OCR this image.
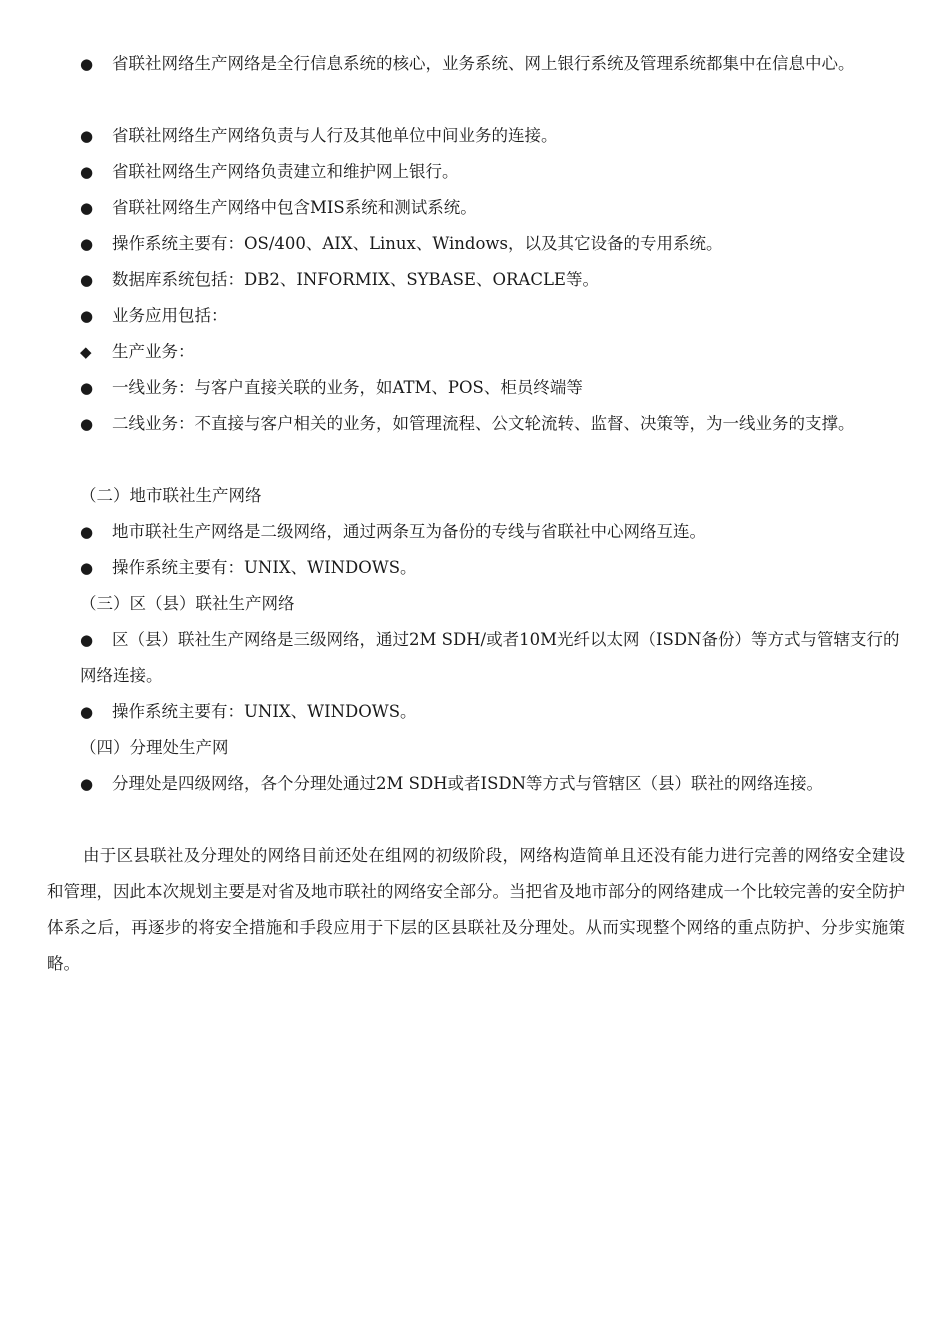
● 省联社网络生产网络是全行信息系统的核心，业务系统、网上银行系统及管理系统都集中在信息中心。
● 省联社网络生产网络负责与人行及其他单位中间业务的连接。
● 省联社网络生产网络负责建立和维护网上银行。
● 省联社网络生产网络中包含MIS系统和测试系统。
● 操作系统主要有：OS/400、AIX、Linux、Windows，以及其它设备的专用系统。
● 数据库系统包括：DB2、INFORMIX、SYBASE、ORACLE等。
● 业务应用包括：
◆ 生产业务：
● 一线业务：与客户直接关联的业务，如ATM、POS、柜员终端等
● 二线业务：不直接与客户相关的业务，如管理流程、公文轮流转、监督、决策等，为一线业务的支撑。
（二）地市联社生产网络
● 地市联社生产网络是二级网络，通过两条互为备份的专线与省联社中心网络互连。
● 操作系统主要有：UNIX、WINDOWS。
（三）区（县）联社生产网络
● 区（县）联社生产网络是三级网络，通过2M SDH/或者10M光纤以太网（ISDN备份）等方式与管辖支行的网络连接。
● 操作系统主要有：UNIX、WINDOWS。
（四）分理处生产网
● 分理处是四级网络，各个分理处通过2M SDH或者ISDN等方式与管辖区（县）联社的网络连接。
由于区县联社及分理处的网络目前还处在组网的初级阶段，网络构造简单且还没有能力进行完善的网络安全建设和管理，因此本次规划主要是对省及地市联社的网络安全部分。当把省及地市部分的网络建成一个比较完善的安全防护体系之后，再逐步的将安全措施和手段应用于下层的区县联社及分理处。从而实现整个网络的重点防护、分步实施策略。
